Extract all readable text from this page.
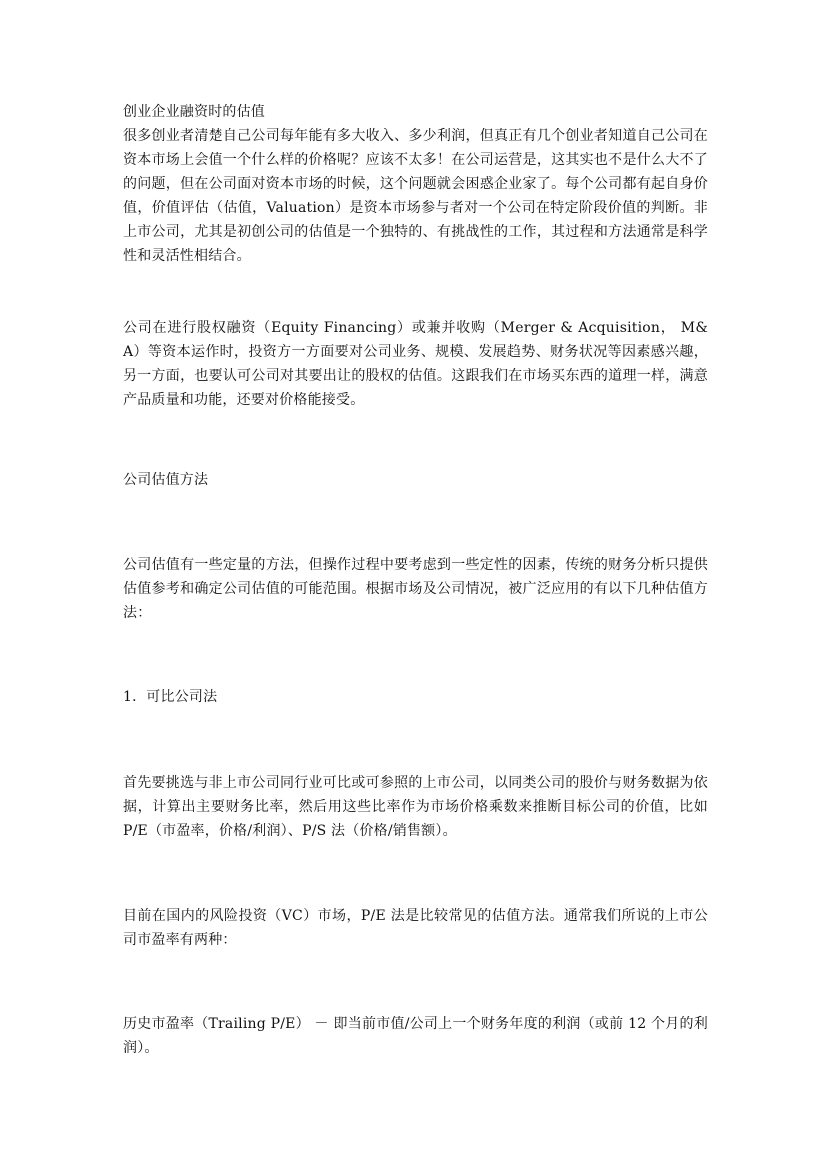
创业企业融资时的估值

很多创业者清楚自己公司每年能有多大收入、多少利润，但真正有几个创业者知道自己公司在资本市场上会值一个什么样的价格呢？应该不太多！在公司运营是，这其实也不是什么大不了的问题，但在公司面对资本市场的时候，这个问题就会困惑企业家了。每个公司都有起自身价值，价值评估（估值，Valuation）是资本市场参与者对一个公司在特定阶段价值的判断。非上市公司，尤其是初创公司的估值是一个独特的、有挑战性的工作，其过程和方法通常是科学性和灵活性相结合。

公司在进行股权融资（Equity Financing）或兼并收购（Merger & Acquisition， M&A）等资本运作时，投资方一方面要对公司业务、规模、发展趋势、财务状况等因素感兴趣，另一方面，也要认可公司对其要出让的股权的估值。这跟我们在市场买东西的道理一样，满意产品质量和功能，还要对价格能接受。

公司估值方法

公司估值有一些定量的方法，但操作过程中要考虑到一些定性的因素，传统的财务分析只提供估值参考和确定公司估值的可能范围。根据市场及公司情况，被广泛应用的有以下几种估值方法：

1．可比公司法

首先要挑选与非上市公司同行业可比或可参照的上市公司，以同类公司的股价与财务数据为依据，计算出主要财务比率，然后用这些比率作为市场价格乘数来推断目标公司的价值，比如 P/E（市盈率，价格/利润）、P/S 法（价格/销售额）。

目前在国内的风险投资（VC）市场，P/E 法是比较常见的估值方法。通常我们所说的上市公司市盈率有两种：

历史市盈率（Trailing P/E） － 即当前市值/公司上一个财务年度的利润（或前 12 个月的利润）。
